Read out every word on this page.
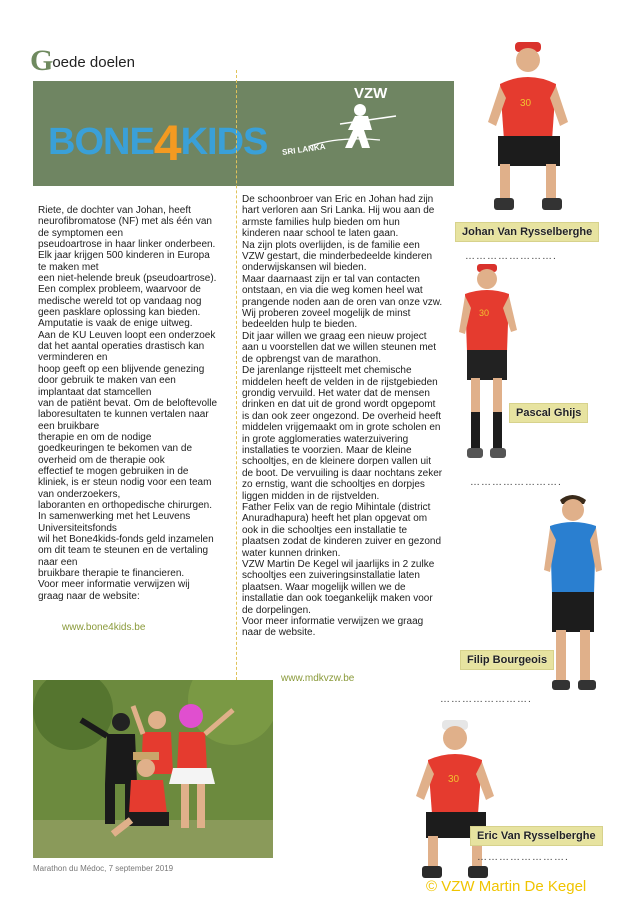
Goede doelen
BONE4KIDS
VZW
SRI LANKA

Riete, de dochter van Johan, heeft

neurofibromatose (NF) met als één van

de symptomen een

pseudoartrose in haar linker onderbeen.

Elk jaar krijgen 500 kinderen in Europa

te maken met

een niet-helende breuk (pseudoartrose).

Een complex probleem, waarvoor de

medische wereld tot op vandaag nog

geen pasklare oplossing kan bieden.

Amputatie is vaak de enige uitweg.

Aan de KU Leuven loopt een onderzoek

dat het aantal operaties drastisch kan

verminderen en

hoop geeft op een blijvende genezing

door gebruik te maken van een

implantaat dat stamcellen

van de patiënt bevat. Om de beloftevolle

laboresultaten te kunnen vertalen naar

een bruikbare

therapie en om de nodige

goedkeuringen te bekomen van de

overheid om de therapie ook

effectief te mogen gebruiken in de

kliniek, is er steun nodig voor een team

van onderzoekers,

laboranten en orthopedische chirurgen.

In samenwerking met het Leuvens

Universiteitsfonds

wil het Bone4kids-fonds geld inzamelen

om dit team te steunen en de vertaling

naar een

bruikbare therapie te financieren.

Voor meer informatie verwijzen wij

graag naar de website:

www.bone4kids.be

De schoonbroer van Eric en Johan had zijn

hart verloren aan Sri Lanka. Hij wou aan de

armste families hulp bieden om hun

kinderen naar school te laten gaan.

Na zijn plots overlijden, is de familie een

VZW gestart, die minderbedeelde kinderen

onderwijskansen wil bieden.

Maar daarnaast zijn er tal van contacten

ontstaan, en via die weg komen heel wat

prangende noden aan de oren van onze vzw.

Wij proberen zoveel mogelijk de minst

bedeelden hulp te bieden.

Dit jaar willen we graag een nieuw project

aan u voorstellen dat we willen steunen met

de opbrengst van de marathon.

De jarenlange rijstteelt met chemische

middelen heeft de velden in de rijstgebieden

grondig vervuild. Het water dat de mensen

drinken en dat uit de grond wordt opgepomt

is dan ook zeer ongezond. De overheid heeft

middelen vrijgemaakt om in grote scholen en

in grote agglomeraties waterzuivering

installaties te voorzien. Maar de kleine

schooltjes, en de kleinere dorpen vallen uit

de boot. De vervuiling is daar nochtans zeker

zo ernstig, want die schooltjes en dorpjes

liggen midden in de rijstvelden.

Father Felix van de regio Mihintale (district

Anuradhapura) heeft het plan opgevat om

ook in die schooltjes een installatie te

plaatsen zodat de kinderen zuiver en gezond

water kunnen drinken.

VZW Martin De Kegel wil jaarlijks in 2 zulke

schooltjes een zuiveringsinstallatie laten

plaatsen. Waar mogelijk willen we de

installatie dan ook toegankelijk maken voor

de dorpelingen.

Voor meer informatie verwijzen we graag

naar de website.

www.mdkvzw.be
30
Johan Van Rysselberghe
…………………….
30
Pascal Ghijs
…………………….
Filip Bourgeois
…………………….
30
Eric Van Rysselberghe
…………………….
Marathon du Médoc, 7 september 2019
© VZW Martin De Kegel
